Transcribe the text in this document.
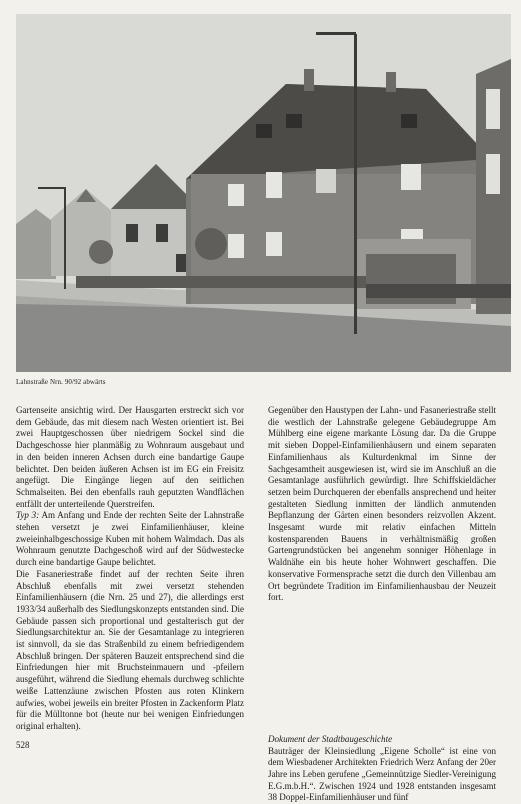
Lahnstraße Nrn. 90/92 abwärts

Gartenseite ansichtig wird. Der Hausgarten erstreckt sich vor dem Gebäude, das mit diesem nach Westen orientiert ist. Bei zwei Hauptgeschossen über niedrigem Sockel sind die Dachgeschosse hier planmäßig zu Wohnraum ausgebaut und in den beiden inneren Achsen durch eine bandartige Gaupe belichtet. Den beiden äußeren Achsen ist im EG ein Freisitz angefügt. Die Eingänge liegen auf den seitlichen Schmalseiten. Bei den ebenfalls rauh geputzten Wandflächen entfällt der unterteilende Querstreifen.

Typ 3: Am Anfang und Ende der rechten Seite der Lahnstraße stehen versetzt je zwei Einfamilienhäuser, kleine zweieinhalbgeschossige Kuben mit hohem Walmdach. Das als Wohnraum genutzte Dachgeschoß wird auf der Südwestecke durch eine bandartige Gaupe belichtet.

Die Fasaneriestraße findet auf der rechten Seite ihren Abschluß ebenfalls mit zwei versetzt stehenden Einfamilienhäusern (die Nrn. 25 und 27), die allerdings erst 1933/34 außerhalb des Siedlungskonzepts entstanden sind. Die Gebäude passen sich proportional und gestalterisch gut der Siedlungsarchitektur an. Sie der Gesamtanlage zu integrieren ist sinnvoll, da sie das Straßenbild zu einem befriedigendem Abschluß bringen. Der späteren Bauzeit entsprechend sind die Einfriedungen hier mit Bruchsteinmauern und -pfeilern ausgeführt, während die Siedlung ehemals durchweg schlichte weiße Lattenzäune zwischen Pfosten aus roten Klinkern aufwies, wobei jeweils ein breiter Pfosten in Zackenform Platz für die Mülltonne bot (heute nur bei wenigen Einfriedungen original erhalten).

Gegenüber den Haustypen der Lahn- und Fasaneriestraße stellt die westlich der Lahnstraße gelegene Gebäudegruppe Am Mühlberg eine eigene markante Lösung dar. Da die Gruppe mit sieben Doppel-Einfamilienhäusern und einem separaten Einfamilienhaus als Kulturdenkmal im Sinne der Sachgesamtheit ausgewiesen ist, wird sie im Anschluß an die Gesamtanlage ausführlich gewürdigt. Ihre Schiffskieldächer setzen beim Durchqueren der ebenfalls ansprechend und heiter gestalteten Siedlung inmitten der ländlich anmutenden Bepflanzung der Gärten einen besonders reizvollen Akzent. Insgesamt wurde mit relativ einfachen Mitteln kostensparenden Bauens in verhältnismäßig großen Gartengrundstücken bei angenehm sonniger Höhenlage in Waldnähe ein bis heute hoher Wohnwert geschaffen. Die konservative Formensprache setzt die durch den Villenbau am Ort begründete Tradition im Einfamilienhausbau der Neuzeit fort.

Dokument der Stadtbaugeschichte

Bauträger der Kleinsiedlung „Eigene Scholle“ ist eine von dem Wiesbadener Architekten Friedrich Werz Anfang der 20er Jahre ins Leben gerufene „Gemeinnützige Siedler-Vereinigung E.G.m.b.H.“. Zwischen 1924 und 1928 entstanden insgesamt 38 Doppel-Einfamilienhäuser und fünf

528
